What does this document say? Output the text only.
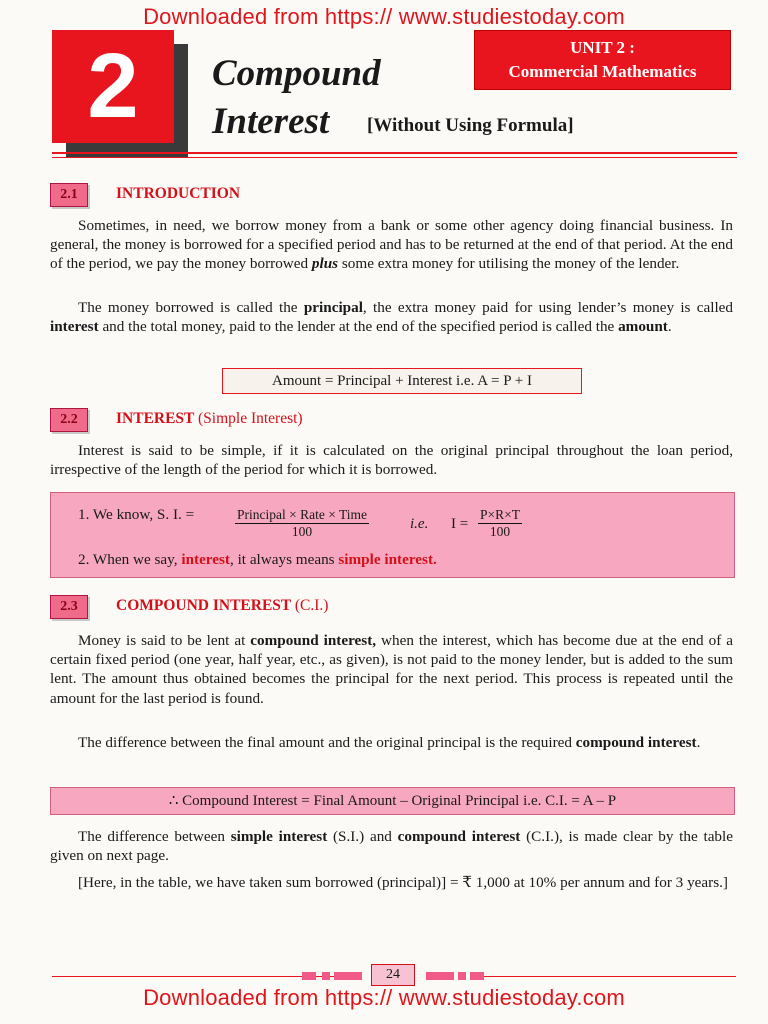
Downloaded from https:// www.studiestoday.com
2	Compound
Interest [Without Using Formula]
UNIT 2 :
Commercial Mathematics
2.1	INTRODUCTION
Sometimes, in need, we borrow money from a bank or some other agency doing financial business. In general, the money is borrowed for a specified period and has to be returned at the end of that period. At the end of the period, we pay the money borrowed plus some extra money for utilising the money of the lender.
The money borrowed is called the principal, the extra money paid for using lender’s money is called interest and the total money, paid to the lender at the end of the specified period is called the amount.
Amount = Principal + Interest i.e. A = P + I
2.2	INTEREST (Simple Interest)
Interest is said to be simple, if it is calculated on the original principal throughout the loan period, irrespective of the length of the period for which it is borrowed.
1. We know, S. I. =	Principal × Rate × Time
100	i.e. $I = \frac{P\times R\times T}{100}$
2. When we say, interest, it always means simple interest.
2.3	COMPOUND INTEREST (C.I.)
Money is said to be lent at compound interest, when the interest, which has become due at the end of a certain fixed period (one year, half year, etc., as given), is not paid to the money lender, but is added to the sum lent. The amount thus obtained becomes the principal for the next period. This process is repeated until the amount for the last period is found.
The difference between the final amount and the original principal is the required compound interest.
∴ Compound Interest = Final Amount – Original Principal i.e. C.I. = A – P
The difference between simple interest (S.I.) and compound interest (C.I.), is made clear by the table given on next page.
[Here, in the table, we have taken sum borrowed (principal)] = ₹ 1,000 at 10% per annum and for 3 years.]
24
Downloaded from https:// www.studiestoday.com
